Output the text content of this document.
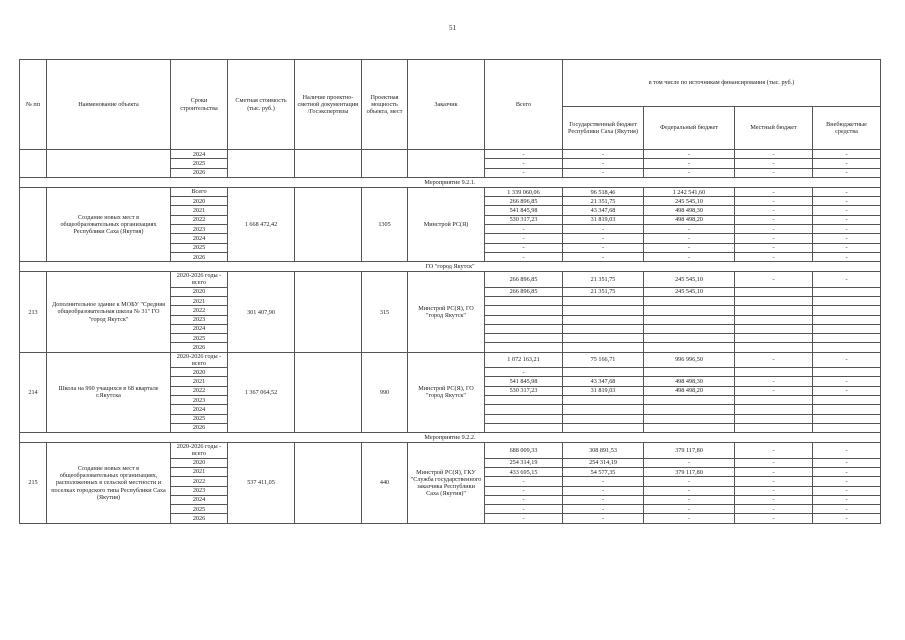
51
№ пп	Наименование объекта	Сроки строительства	Сметная стоимость (тыс. руб.)	Наличие проектно-сметной документации /Госэкспертизы	Проектная мощность объекта, мест	Заказчик	Всего	в том числе по источникам финансирования (тыс. руб.)			
								Государственный бюджет Республики Саха (Якутия)	Федеральный бюджет	Местный бюджет	Внебюджетные средства
		2024					-	-	-	-	-
		2025					-	-	-	-	-
		2026					-	-	-	-	-
Мероприятие 9.2.1.											
	Создание новых мест в общеобразовательных организациях Республики Саха (Якутия)	Всего	1 668 472,42		1305	Минстрой РС(Я)	1 339 060,06	96 518,46	1 242 541,60	-	-
		2020					266 896,85	21 351,75	245 545,10	-	-
		2021					541 845,98	43 347,68	498 498,30	-	-
		2022					530 317,23	31 819,03	498 498,20	-	-
		2023					-	-	-	-	-
		2024					-	-	-	-	-
		2025					-	-	-	-	-
		2026					-	-	-	-	-
ГО "город Якутск"											
213	Дополнительное здание к МОБУ "Средняя общеобразовательная школа № 31" ГО "город Якутск"	2020-2026 годы - всего	301 407,90		315	Минстрой РС(Я), ГО "город Якутск"	266 896,85	21 351,75	245 545,10	-	-
		2020					266 896,85	21 351,75	245 545,10		
		2021									
		2022									
		2023									
		2024									
		2025									
		2026									
214	Школа на 990 учащихся в 68 квартале г.Якутска	2020-2026 годы - всего	1 367 064,52		990	Минстрой РС(Я), ГО "город Якутск"	1 072 163,21	75 166,71	996 996,50	-	-
		2020					-				
		2021					541 845,98	43 347,68	498 498,30	-	-
		2022					530 317,23	31 819,03	498 498,20	-	-
		2023									
		2024									
		2025									
		2026									
Мероприятие 9.2.2.											
215	Создание новых мест в общеобразовательных организациях, расположенных в сельской местности и поселках городского типа Республики Саха (Якутия)	2020-2026 годы - всего	537 411,05		440	Минстрой РС(Я), ГКУ "Служба государственного заказчика Республики Саха (Якутия)"	688 009,33	308 891,53	379 117,80	-	-
		2020					254 314,19	254 314,19	-	-	-
		2021					433 695,15	54 577,35	379 117,80	-	-
		2022					-	-	-	-	-
		2023					-	-	-	-	-
		2024					-	-	-	-	-
		2025					-	-	-	-	-
		2026					-	-	-	-	-
